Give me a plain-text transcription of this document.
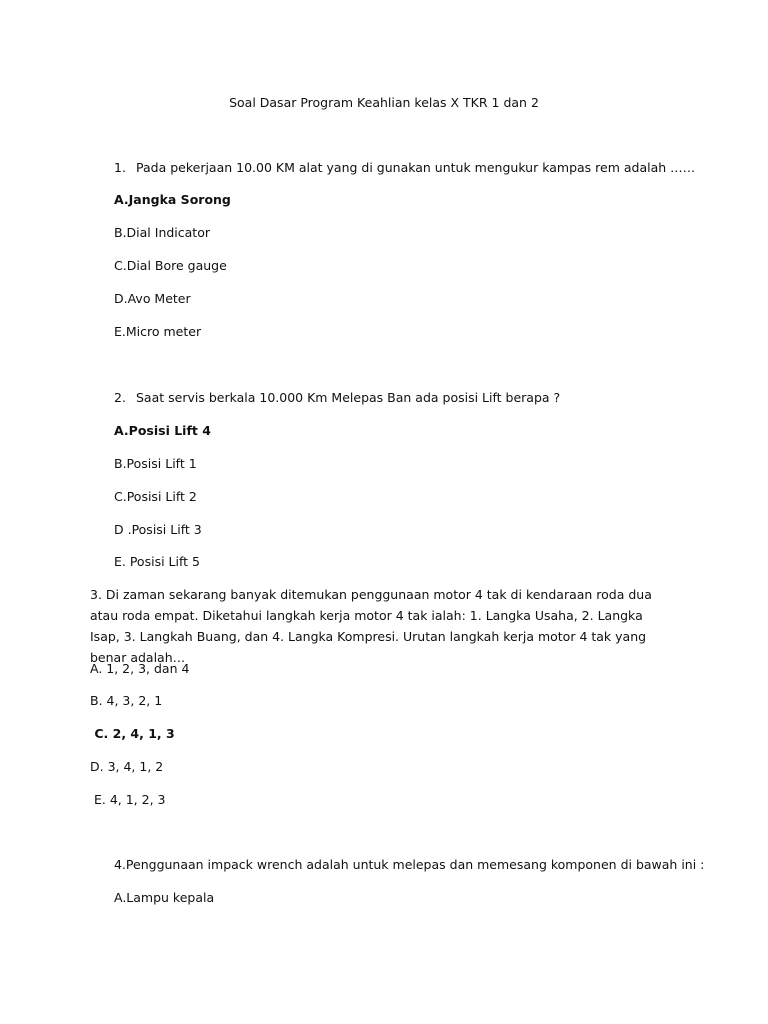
Soal Dasar Program Keahlian kelas X TKR 1 dan 2
1. Pada pekerjaan 10.00 KM alat yang di gunakan untuk mengukur kampas rem adalah ……
A.Jangka Sorong
B.Dial Indicator
C.Dial Bore gauge
D.Avo Meter
E.Micro meter
2. Saat servis berkala 10.000 Km Melepas Ban ada posisi Lift berapa ?
A.Posisi Lift 4
B.Posisi Lift 1
C.Posisi Lift 2
D .Posisi Lift 3
E. Posisi Lift 5
3. Di zaman sekarang banyak ditemukan penggunaan motor 4 tak di kendaraan roda dua atau roda empat. Diketahui langkah kerja motor 4 tak ialah: 1. Langka Usaha, 2. Langka Isap, 3. Langkah Buang, dan 4. Langka Kompresi. Urutan langkah kerja motor 4 tak yang benar adalah…
A. 1, 2, 3, dan 4
B. 4, 3, 2, 1
C. 2, 4, 1, 3
D. 3, 4, 1, 2
E. 4, 1, 2, 3
4.Penggunaan impack wrench adalah untuk melepas dan memesang komponen di bawah ini :
A.Lampu kepala
